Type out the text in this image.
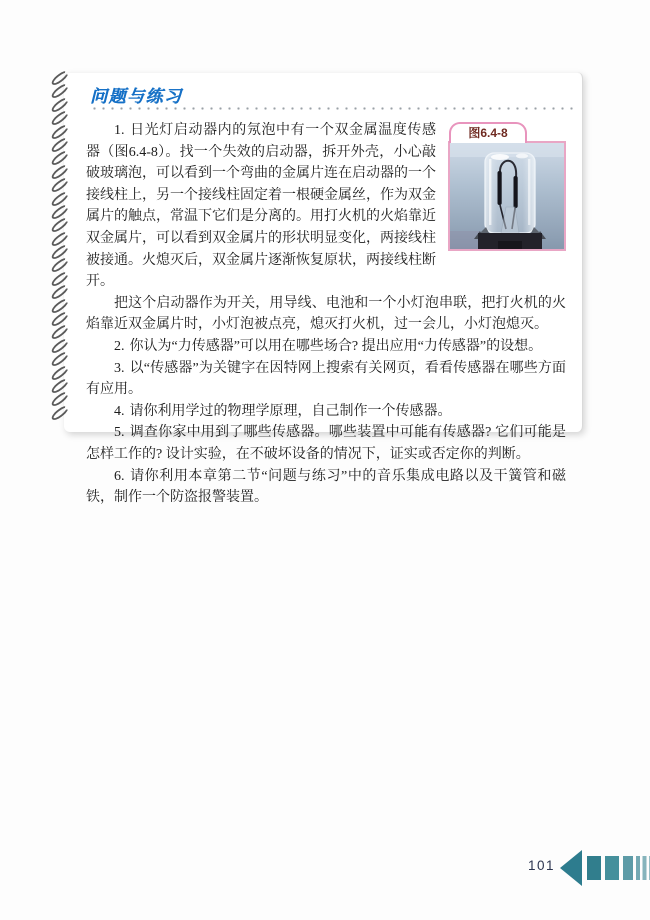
问题与练习
图6.4-8

1. 日光灯启动器内的氖泡中有一个双金属温度传感器（图6.4-8）。找一个失效的启动器，拆开外壳，小心敲破玻璃泡，可以看到一个弯曲的金属片连在启动器的一个接线柱上，另一个接线柱固定着一根硬金属丝，作为双金属片的触点，常温下它们是分离的。用打火机的火焰靠近双金属片，可以看到双金属片的形状明显变化，两接线柱被接通。火熄灭后，双金属片逐渐恢复原状，两接线柱断开。

把这个启动器作为开关，用导线、电池和一个小灯泡串联，把打火机的火焰靠近双金属片时，小灯泡被点亮，熄灭打火机，过一会儿，小灯泡熄灭。

2. 你认为“力传感器”可以用在哪些场合? 提出应用“力传感器”的设想。

3. 以“传感器”为关键字在因特网上搜索有关网页，看看传感器在哪些方面有应用。

4. 请你利用学过的物理学原理，自己制作一个传感器。

5. 调查你家中用到了哪些传感器。哪些装置中可能有传感器? 它们可能是怎样工作的? 设计实验，在不破坏设备的情况下，证实或否定你的判断。

6. 请你利用本章第二节“问题与练习”中的音乐集成电路以及干簧管和磁铁，制作一个防盗报警装置。

101
